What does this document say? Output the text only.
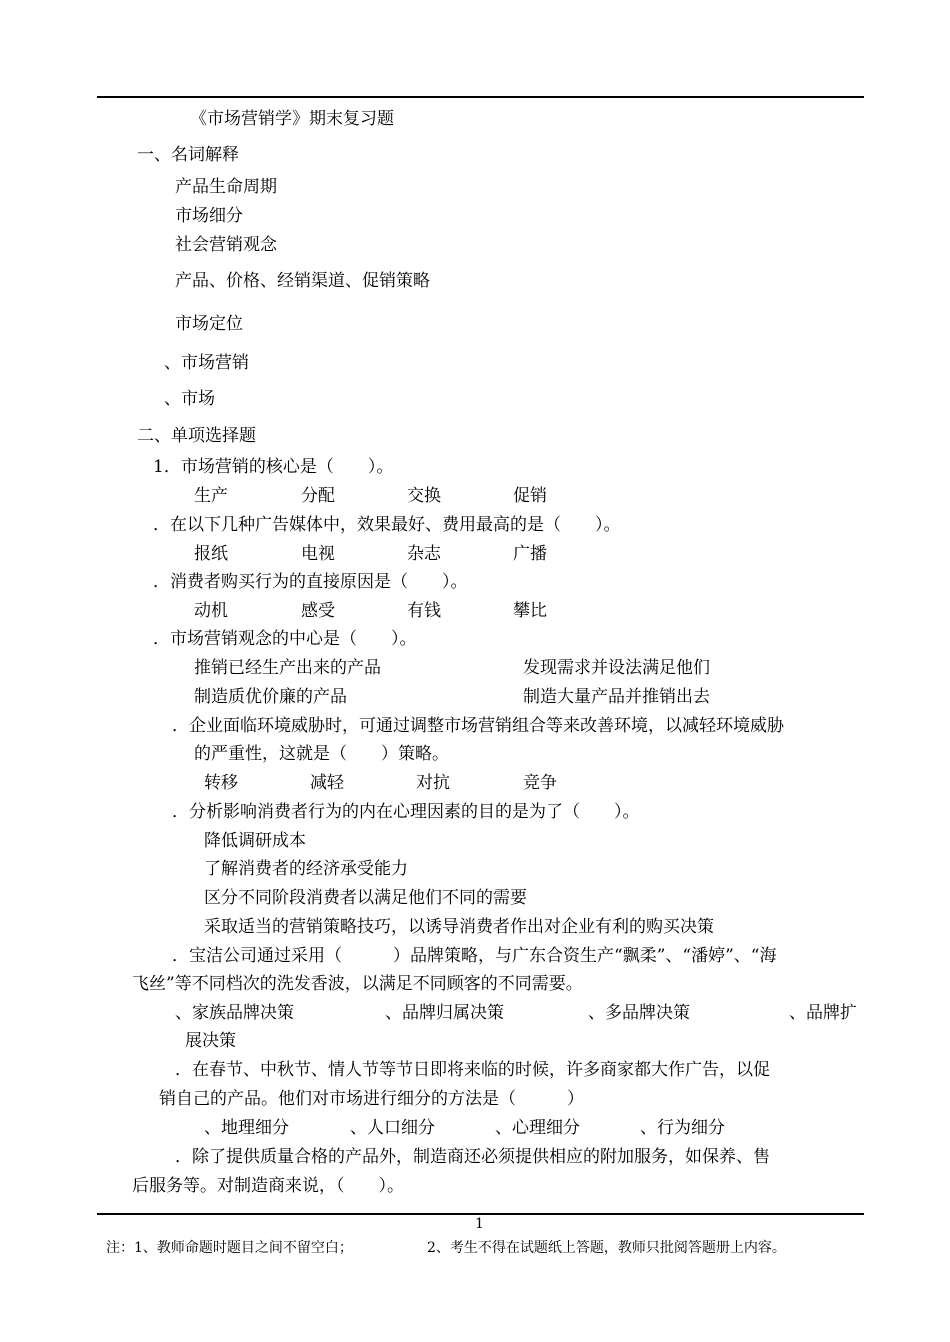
《市场营销学》期末复习题
一、名词解释
产品生命周期
市场细分
社会营销观念
产品、价格、经销渠道、促销策略
市场定位
、市场营销
、市场
二、单项选择题
1．市场营销的核心是（　　）。
生产	分配	交换	促销
．在以下几种广告媒体中，效果最好、费用最高的是（　　）。
报纸	电视	杂志	广播
．消费者购买行为的直接原因是（　　）。
动机	感受	有钱	攀比
．市场营销观念的中心是（　　）。
推销已经生产出来的产品	发现需求并设法满足他们
制造质优价廉的产品	制造大量产品并推销出去
．企业面临环境威胁时，可通过调整市场营销组合等来改善环境，以减轻环境威胁
的严重性，这就是（　　）策略。
转移	减轻	对抗	竞争
．分析影响消费者行为的内在心理因素的目的是为了（　　）。
降低调研成本
了解消费者的经济承受能力
区分不同阶段消费者以满足他们不同的需要
采取适当的营销策略技巧，以诱导消费者作出对企业有利的购买决策
．宝洁公司通过采用（　　　）品牌策略，与广东合资生产“飘柔”、“潘婷”、“海
飞丝”等不同档次的洗发香波，以满足不同顾客的不同需要。
、家族品牌决策	、品牌归属决策	、多品牌决策	、品牌扩
展决策
．在春节、中秋节、情人节等节日即将来临的时候，许多商家都大作广告，以促
销自己的产品。他们对市场进行细分的方法是（　　　）
、地理细分	、人口细分	、心理细分	、行为细分
．除了提供质量合格的产品外，制造商还必须提供相应的附加服务，如保养、售
后服务等。对制造商来说，（　　）。
1
注：1、教师命题时题目之间不留空白；	2、考生不得在试题纸上答题，教师只批阅答题册上内容。
